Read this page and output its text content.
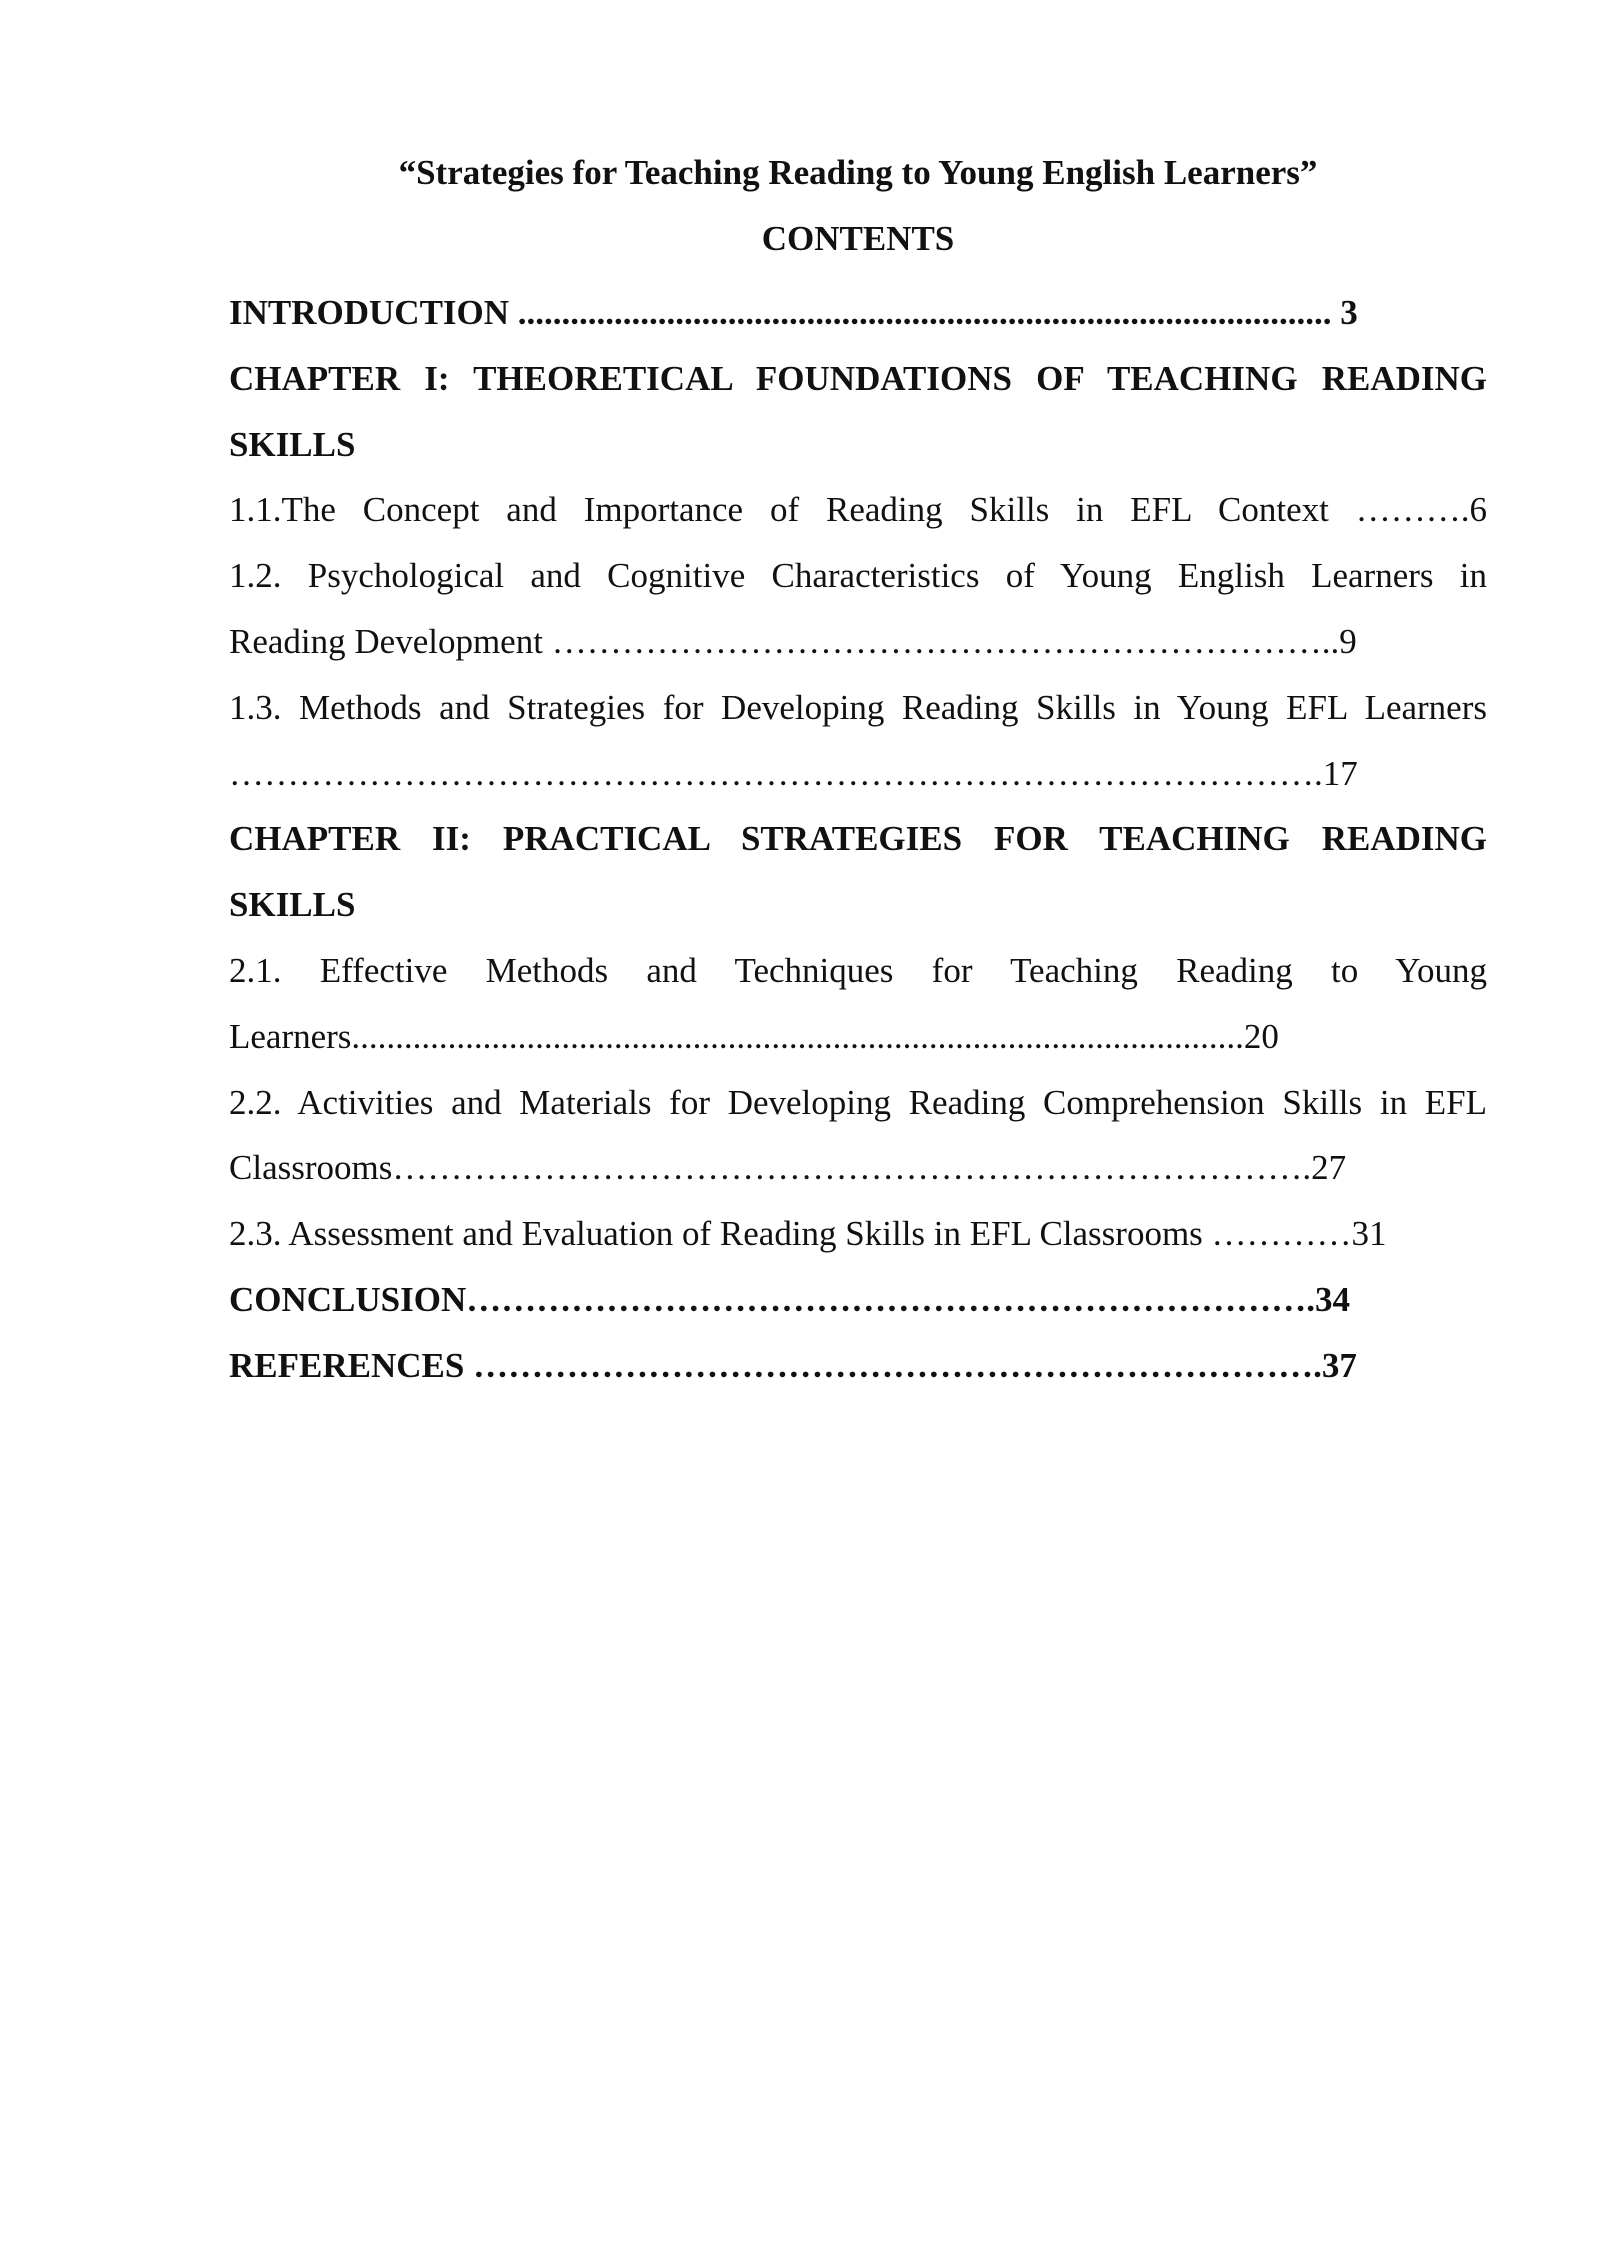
“Strategies for Teaching Reading to Young English Learners”

CONTENTS

INTRODUCTION ............................................................................................. 3
CHAPTER I: THEORETICAL FOUNDATIONS OF TEACHING READING
SKILLS
1.1.The Concept and Importance of Reading Skills in EFL Context ……….6
1.2. Psychological and Cognitive Characteristics of Young English Learners in
Reading Development …………………………………………………………..9
1.3. Methods and Strategies for Developing Reading Skills in Young EFL Learners
………………………………………………………………………………….17
CHAPTER II: PRACTICAL STRATEGIES FOR TEACHING READING
SKILLS
2.1. Effective Methods and Techniques for Teaching Reading to Young
Learners......................................................................................................20
2.2. Activities and Materials for Developing Reading Comprehension Skills in EFL
Classrooms…………………………………………………………………….27
2.3. Assessment and Evaluation of Reading Skills in EFL Classrooms …………31
CONCLUSION……………………………………………………………….34
REFERENCES ……………………………………………………………….37
